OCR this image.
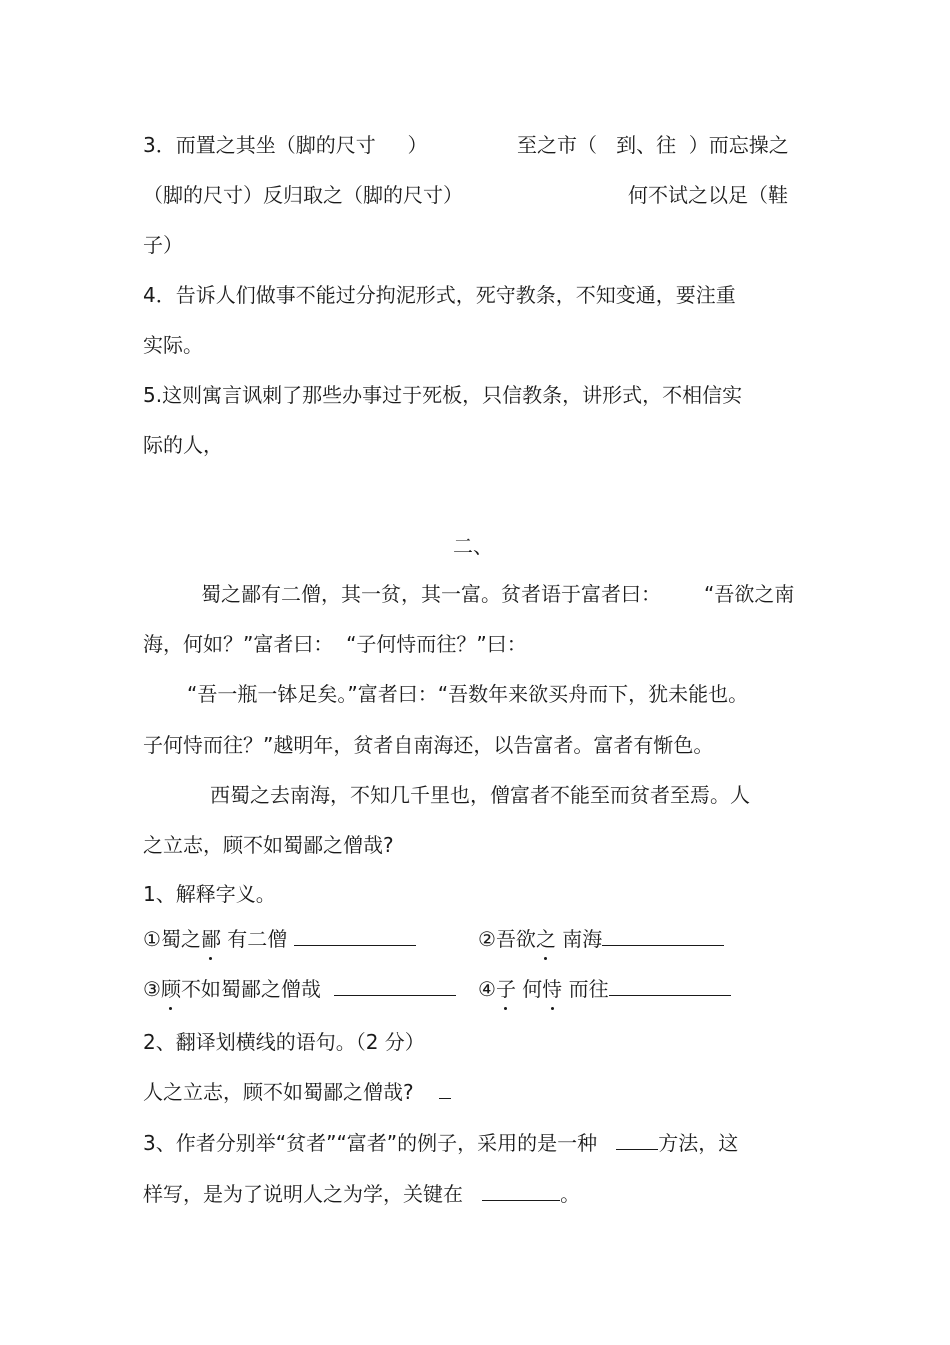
3．而置之其坐（脚的尺寸     ）	至之市（   到、往  ）而忘操之
（脚的尺寸）反归取之（脚的尺寸）	何不试之以足（鞋
子）
4．告诉人们做事不能过分拘泥形式，死守教条，不知变通，要注重
实际。
5.这则寓言讽刺了那些办事过于死板，只信教条，讲形式，不相信实
际的人，
二、
蜀之鄙有二僧，其一贫，其一富。贫者语于富者曰： “吾欲之南
海，何如？”富者曰：  “子何恃而往？”曰：
“吾一瓶一钵足矣。”富者曰：“吾数年来欲买舟而下，犹未能也。
子何恃而往？”越明年，贫者自南海还，以告富者。富者有惭色。
西蜀之去南海，不知几千里也，僧富者不能至而贫者至焉。人
之立志，顾不如蜀鄙之僧哉?
1、解释字义。
①蜀之鄙 有二僧	②吾欲之 南海
③顾不如蜀鄙之僧哉	④子 何恃 而往
2、翻译划横线的语句。（2 分）
人之立志，顾不如蜀鄙之僧哉?
3、作者分别举“贫者”“富者”的例子，采用的是一种	方法，这
样写，是为了说明人之为学，关键在	。
